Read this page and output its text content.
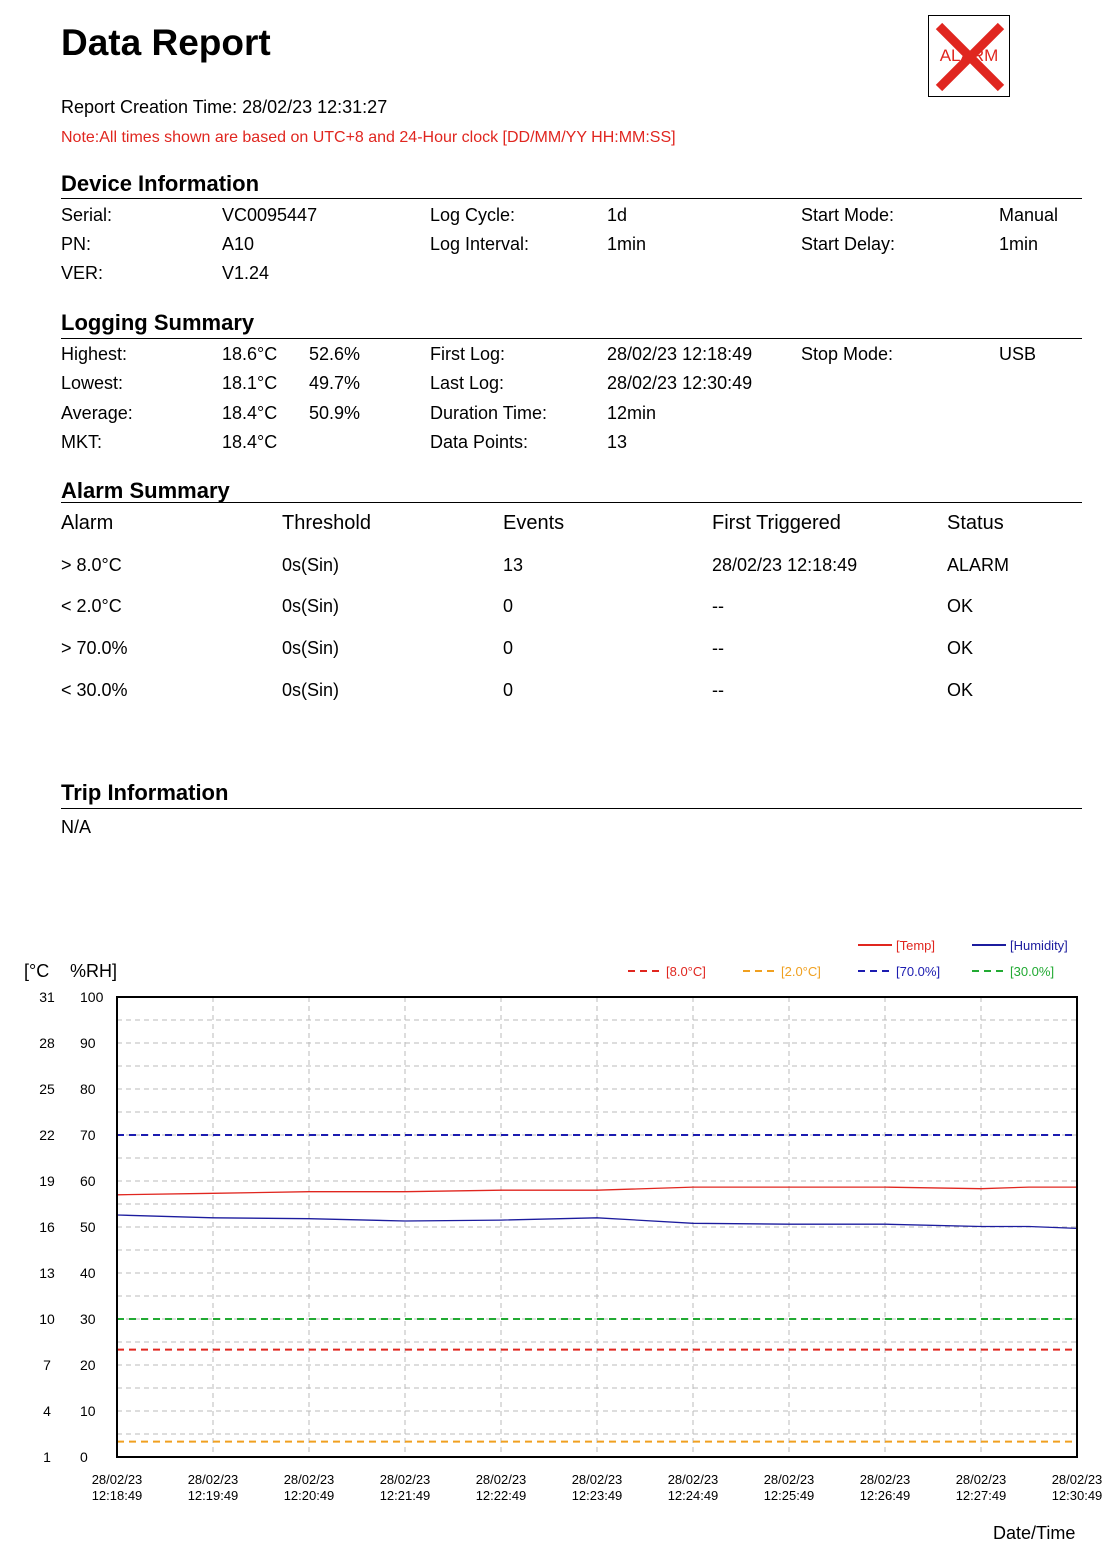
Data Report
Report Creation Time: 28/02/23 12:31:27
Note:All times shown are based on UTC+8 and 24-Hour clock [DD/MM/YY HH:MM:SS]
ALARM
Device Information
Serial:	VC0095447
PN:	A10
VER:	V1.24
Log Cycle:	1d
Log Interval:	1min
Start Mode:	Manual
Start Delay:	1min
Logging Summary
Highest:	18.6°C 52.6%
Lowest:	18.1°C 49.7%
Average:	18.4°C 50.9%
MKT:	18.4°C
First Log:	28/02/23 12:18:49
Last Log:	28/02/23 12:30:49
Duration Time:	12min
Data Points:	13
Stop Mode:	USB
Alarm Summary
Alarm	Threshold	Events	First Triggered	Status
> 8.0°C	0s(Sin)	13	28/02/23 12:18:49	ALARM
< 2.0°C	0s(Sin)	0	--	OK
> 70.0%	0s(Sin)	0	--	OK
< 30.0%	0s(Sin)	0	--	OK
Trip Information
N/A
[°C %RH]
Date/Time
31
28
25
22
19
16
13
10
7
4
1
100
90
80
70
60
50
40
30
20
10
0
28/02/23
12:18:49
28/02/23
12:19:49
28/02/23
12:20:49
28/02/23
12:21:49
28/02/23
12:22:49
28/02/23
12:23:49
28/02/23
12:24:49
28/02/23
12:25:49
28/02/23
12:26:49
28/02/23
12:27:49
28/02/23
12:30:49
[Temp]	[Humidity]
[8.0°C]	[2.0°C]	[70.0%]	[30.0%]
